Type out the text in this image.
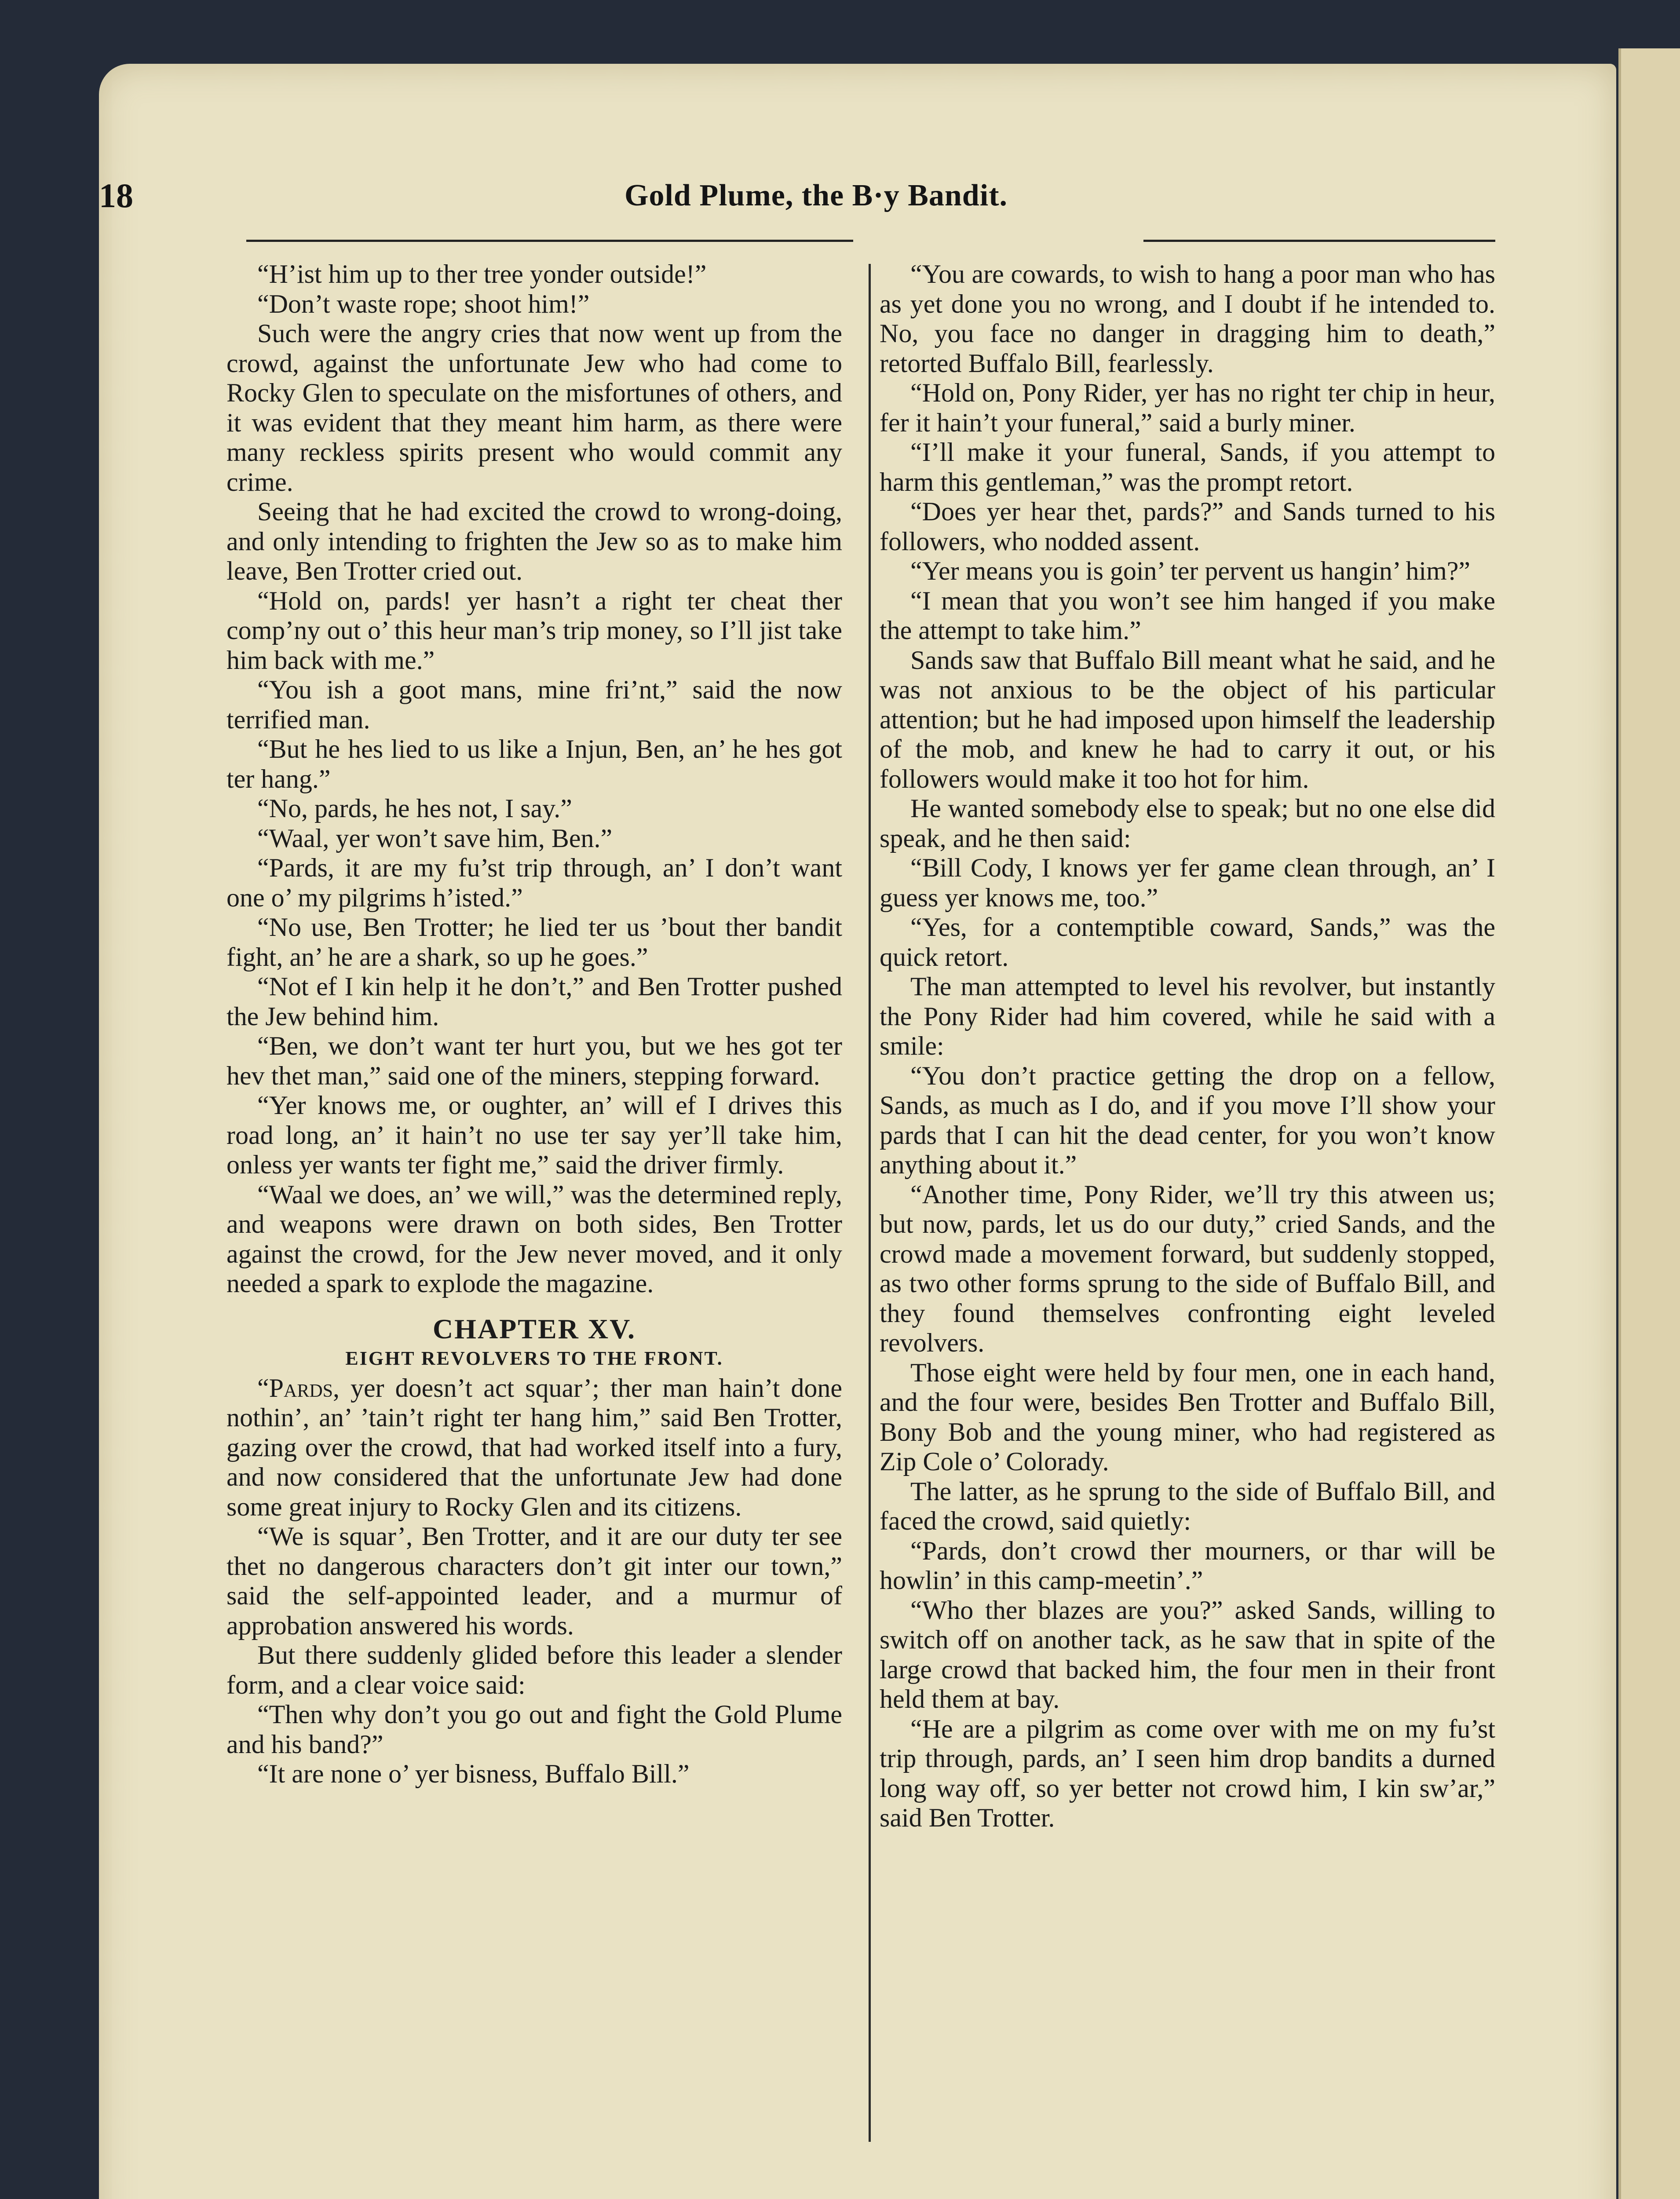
18	Gold Plume, the B·y Bandit.

“H’ist him up to ther tree yonder outside!”

“Don’t waste rope; shoot him!”

Such were the angry cries that now went up from the crowd, against the unfortunate Jew who had come to Rocky Glen to speculate on the misfortunes of others, and it was evident that they meant him harm, as there were many reckless spirits present who would commit any crime.

Seeing that he had excited the crowd to wrong-doing, and only intending to frighten the Jew so as to make him leave, Ben Trotter cried out.

“Hold on, pards! yer hasn’t a right ter cheat ther comp’ny out o’ this heur man’s trip money, so I’ll jist take him back with me.”

“You ish a goot mans, mine fri’nt,” said the now terrified man.

“But he hes lied to us like a Injun, Ben, an’ he hes got ter hang.”

“No, pards, he hes not, I say.”

“Waal, yer won’t save him, Ben.”

“Pards, it are my fu’st trip through, an’ I don’t want one o’ my pilgrims h’isted.”

“No use, Ben Trotter; he lied ter us ’bout ther bandit fight, an’ he are a shark, so up he goes.”

“Not ef I kin help it he don’t,” and Ben Trotter pushed the Jew behind him.

“Ben, we don’t want ter hurt you, but we hes got ter hev thet man,” said one of the miners, stepping forward.

“Yer knows me, or oughter, an’ will ef I drives this road long, an’ it hain’t no use ter say yer’ll take him, onless yer wants ter fight me,” said the driver firmly.

“Waal we does, an’ we will,” was the determined reply, and weapons were drawn on both sides, Ben Trotter against the crowd, for the Jew never moved, and it only needed a spark to explode the magazine.

CHAPTER XV.
EIGHT REVOLVERS TO THE FRONT.

“Pards, yer doesn’t act squar’; ther man hain’t done nothin’, an’ ’tain’t right ter hang him,” said Ben Trotter, gazing over the crowd, that had worked itself into a fury, and now considered that the unfortunate Jew had done some great injury to Rocky Glen and its citizens.

“We is squar’, Ben Trotter, and it are our duty ter see thet no dangerous characters don’t git inter our town,” said the self-appointed leader, and a murmur of approbation answered his words.

But there suddenly glided before this leader a slender form, and a clear voice said:

“Then why don’t you go out and fight the Gold Plume and his band?”

“It are none o’ yer bisness, Buffalo Bill.”

“You are cowards, to wish to hang a poor man who has as yet done you no wrong, and I doubt if he intended to. No, you face no danger in dragging him to death,” retorted Buffalo Bill, fearlessly.

“Hold on, Pony Rider, yer has no right ter chip in heur, fer it hain’t your funeral,” said a burly miner.

“I’ll make it your funeral, Sands, if you attempt to harm this gentleman,” was the prompt retort.

“Does yer hear thet, pards?” and Sands turned to his followers, who nodded assent.

“Yer means you is goin’ ter pervent us hangin’ him?”

“I mean that you won’t see him hanged if you make the attempt to take him.”

Sands saw that Buffalo Bill meant what he said, and he was not anxious to be the object of his particular attention; but he had imposed upon himself the leadership of the mob, and knew he had to carry it out, or his followers would make it too hot for him.

He wanted somebody else to speak; but no one else did speak, and he then said:

“Bill Cody, I knows yer fer game clean through, an’ I guess yer knows me, too.”

“Yes, for a contemptible coward, Sands,” was the quick retort.

The man attempted to level his revolver, but instantly the Pony Rider had him covered, while he said with a smile:

“You don’t practice getting the drop on a fellow, Sands, as much as I do, and if you move I’ll show your pards that I can hit the dead center, for you won’t know anything about it.”

“Another time, Pony Rider, we’ll try this atween us; but now, pards, let us do our duty,” cried Sands, and the crowd made a movement forward, but suddenly stopped, as two other forms sprung to the side of Buffalo Bill, and they found themselves confronting eight leveled revolvers.

Those eight were held by four men, one in each hand, and the four were, besides Ben Trotter and Buffalo Bill, Bony Bob and the young miner, who had registered as Zip Cole o’ Colorady.

The latter, as he sprung to the side of Buffalo Bill, and faced the crowd, said quietly:

“Pards, don’t crowd ther mourners, or thar will be howlin’ in this camp-meetin’.”

“Who ther blazes are you?” asked Sands, willing to switch off on another tack, as he saw that in spite of the large crowd that backed him, the four men in their front held them at bay.

“He are a pilgrim as come over with me on my fu’st trip through, pards, an’ I seen him drop bandits a durned long way off, so yer better not crowd him, I kin sw’ar,” said Ben Trotter.
